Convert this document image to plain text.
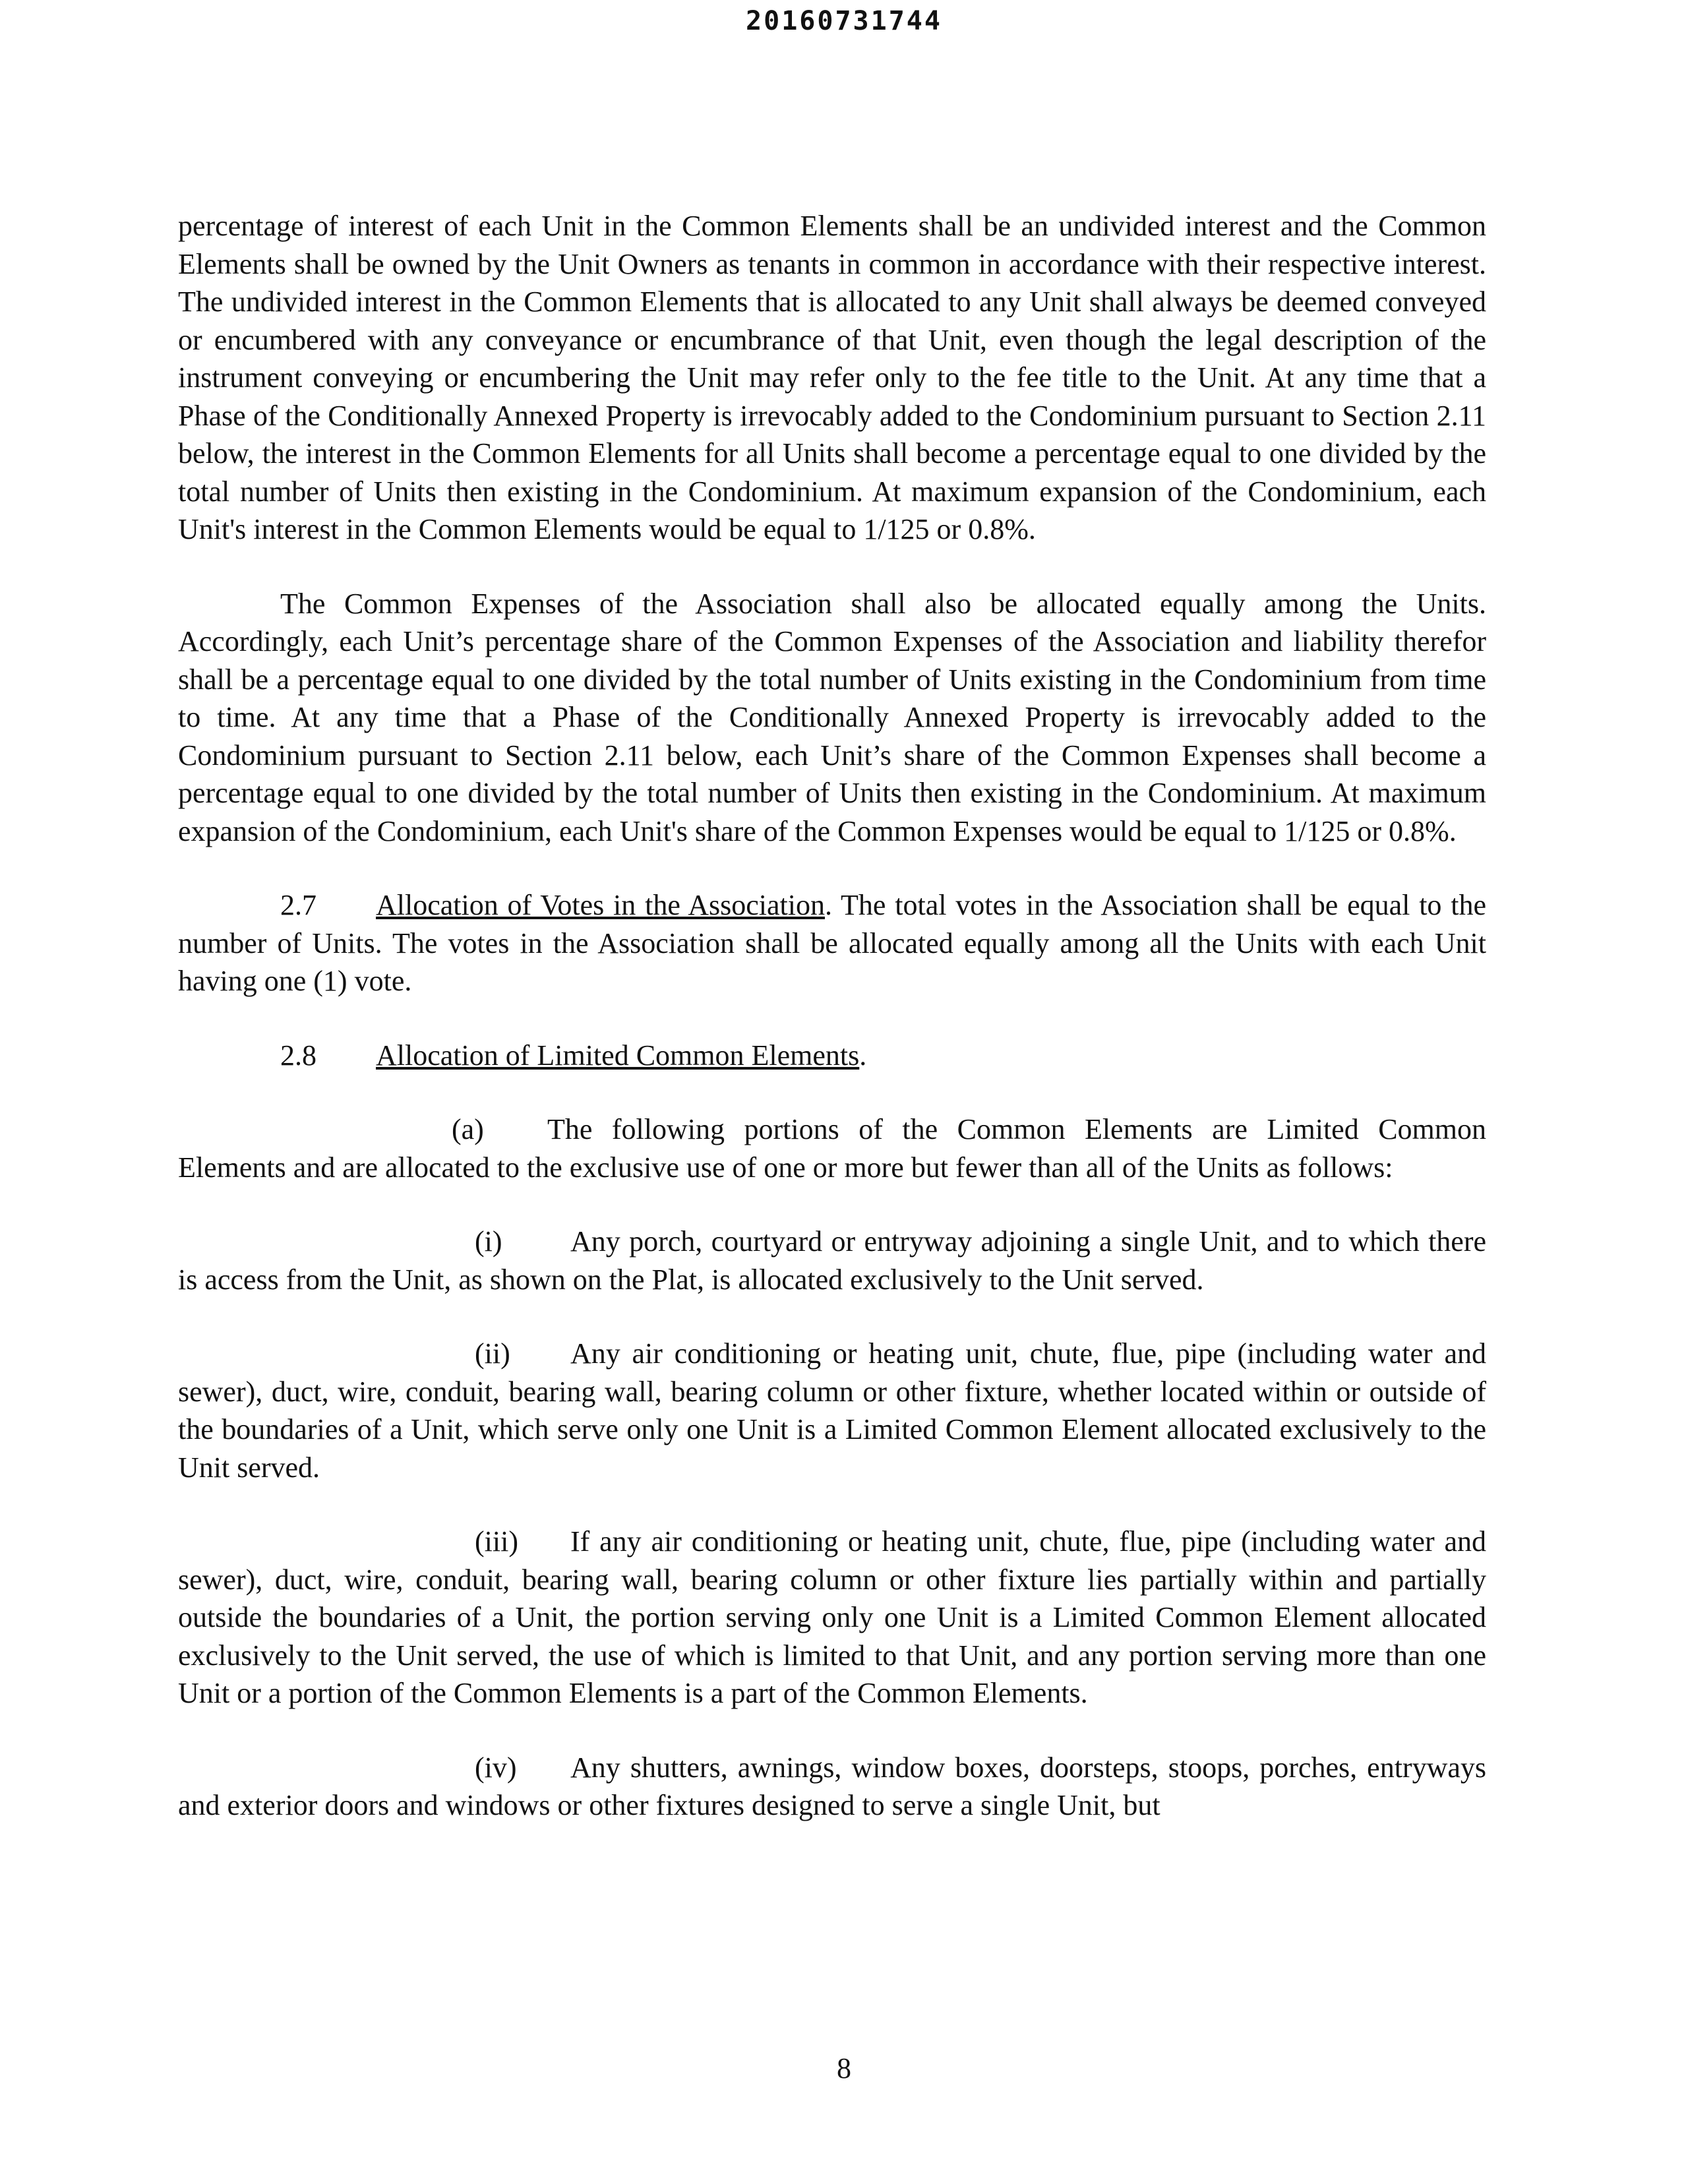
20160731744

percentage of interest of each Unit in the Common Elements shall be an undivided interest and the Common Elements shall be owned by the Unit Owners as tenants in common in accordance with their respective interest. The undivided interest in the Common Elements that is allocated to any Unit shall always be deemed conveyed or encumbered with any conveyance or encumbrance of that Unit, even though the legal description of the instrument conveying or encumbering the Unit may refer only to the fee title to the Unit. At any time that a Phase of the Conditionally Annexed Property is irrevocably added to the Condominium pursuant to Section 2.11 below, the interest in the Common Elements for all Units shall become a percentage equal to one divided by the total number of Units then existing in the Condominium. At maximum expansion of the Condominium, each Unit's interest in the Common Elements would be equal to 1/125 or 0.8%.

The Common Expenses of the Association shall also be allocated equally among the Units. Accordingly, each Unit’s percentage share of the Common Expenses of the Association and liability therefor shall be a percentage equal to one divided by the total number of Units existing in the Condominium from time to time. At any time that a Phase of the Conditionally Annexed Property is irrevocably added to the Condominium pursuant to Section 2.11 below, each Unit’s share of the Common Expenses shall become a percentage equal to one divided by the total number of Units then existing in the Condominium. At maximum expansion of the Condominium, each Unit's share of the Common Expenses would be equal to 1/125 or 0.8%.

2.7 Allocation of Votes in the Association. The total votes in the Association shall be equal to the number of Units. The votes in the Association shall be allocated equally among all the Units with each Unit having one (1) vote.

2.8 Allocation of Limited Common Elements.

(a) The following portions of the Common Elements are Limited Common Elements and are allocated to the exclusive use of one or more but fewer than all of the Units as follows:

(i) Any porch, courtyard or entryway adjoining a single Unit, and to which there is access from the Unit, as shown on the Plat, is allocated exclusively to the Unit served.

(ii) Any air conditioning or heating unit, chute, flue, pipe (including water and sewer), duct, wire, conduit, bearing wall, bearing column or other fixture, whether located within or outside of the boundaries of a Unit, which serve only one Unit is a Limited Common Element allocated exclusively to the Unit served.

(iii) If any air conditioning or heating unit, chute, flue, pipe (including water and sewer), duct, wire, conduit, bearing wall, bearing column or other fixture lies partially within and partially outside the boundaries of a Unit, the portion serving only one Unit is a Limited Common Element allocated exclusively to the Unit served, the use of which is limited to that Unit, and any portion serving more than one Unit or a portion of the Common Elements is a part of the Common Elements.

(iv) Any shutters, awnings, window boxes, doorsteps, stoops, porches, entryways and exterior doors and windows or other fixtures designed to serve a single Unit, but

8
